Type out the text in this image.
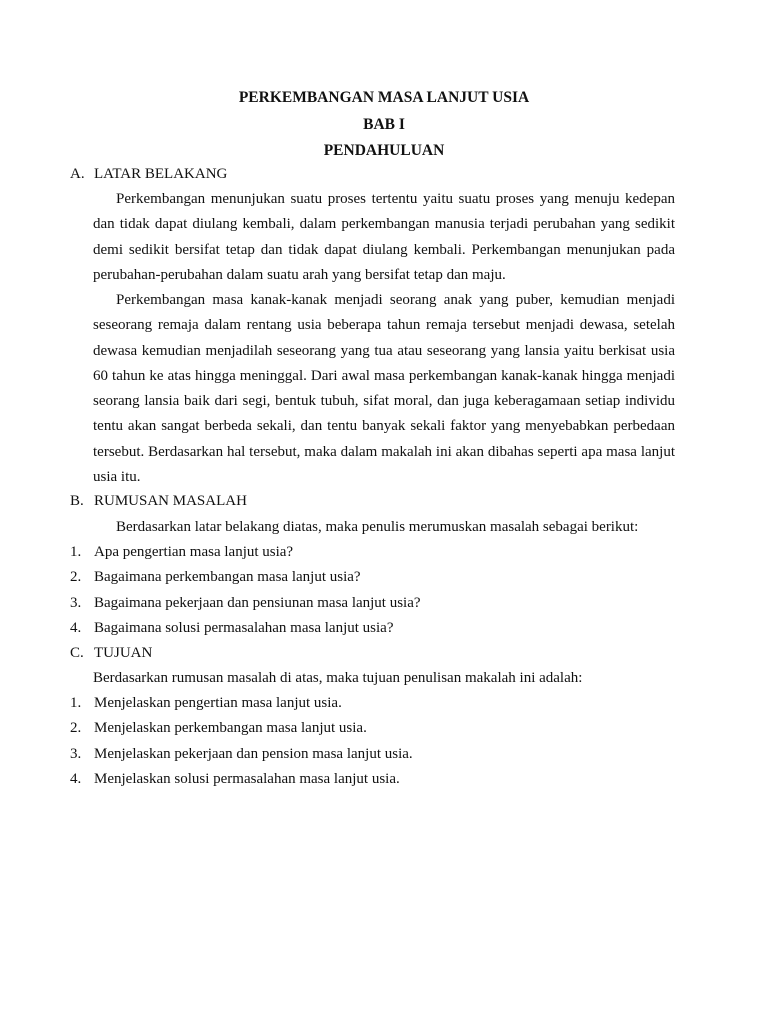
PERKEMBANGAN MASA LANJUT USIA
BAB I
PENDAHULUAN
A. LATAR BELAKANG

Perkembangan menunjukan suatu proses tertentu yaitu suatu proses yang menuju kedepan dan tidak dapat diulang kembali, dalam perkembangan manusia terjadi perubahan yang sedikit demi sedikit bersifat tetap dan tidak dapat diulang kembali. Perkembangan menunjukan pada perubahan-perubahan dalam suatu arah yang bersifat tetap dan maju.

Perkembangan masa kanak-kanak menjadi seorang anak yang puber, kemudian menjadi seseorang remaja dalam rentang usia beberapa tahun remaja tersebut menjadi dewasa, setelah dewasa kemudian menjadilah seseorang yang tua atau seseorang yang lansia yaitu berkisat usia 60 tahun ke atas hingga meninggal. Dari awal masa perkembangan kanak-kanak hingga menjadi seorang lansia baik dari segi, bentuk tubuh, sifat moral, dan juga keberagamaan setiap individu tentu akan sangat berbeda sekali, dan tentu banyak sekali faktor yang menyebabkan perbedaan tersebut. Berdasarkan hal tersebut, maka dalam makalah ini akan dibahas seperti apa masa lanjut usia itu.

B. RUMUSAN MASALAH

Berdasarkan latar belakang diatas, maka penulis merumuskan masalah sebagai berikut:

1. Apa pengertian masa lanjut usia?
2. Bagaimana perkembangan masa lanjut usia?
3. Bagaimana pekerjaan dan pensiunan masa lanjut usia?
4. Bagaimana solusi permasalahan masa lanjut usia?
C. TUJUAN

Berdasarkan rumusan masalah di atas, maka tujuan penulisan makalah ini adalah:

1. Menjelaskan pengertian masa lanjut usia.
2. Menjelaskan perkembangan masa lanjut usia.
3. Menjelaskan pekerjaan dan pension masa lanjut usia.
4. Menjelaskan solusi permasalahan masa lanjut usia.
